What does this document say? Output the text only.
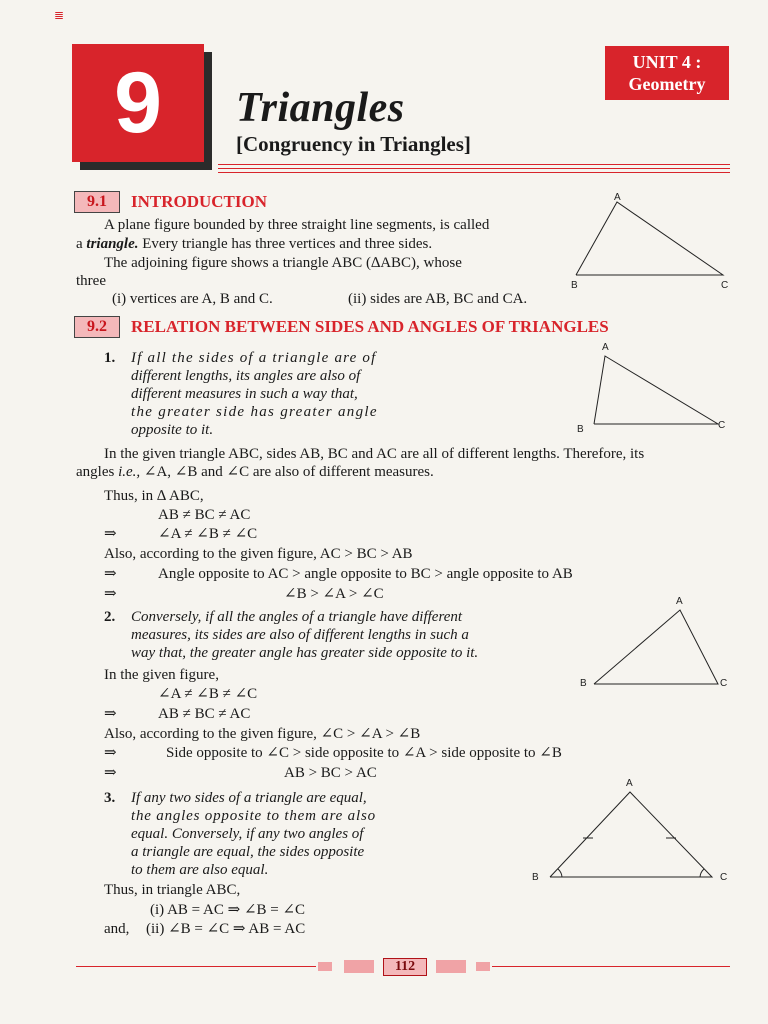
≣
9	Triangles
[Congruency in Triangles]
UNIT 4 :
Geometry
9.1	INTRODUCTION
A plane figure bounded by three straight line segments, is called
a triangle. Every triangle has three vertices and three sides.
The adjoining figure shows a triangle ABC (∆ABC), whose
three
(i) vertices are A, B and C.	(ii) sides are AB, BC and CA.
A
B	C
9.2	RELATION BETWEEN SIDES AND ANGLES OF TRIANGLES
1. If all the sides of a triangle are of
different lengths, its angles are also of
different measures in such a way that,
the greater side has greater angle
opposite to it.
A
B	C
In the given triangle ABC, sides AB, BC and AC are all of different lengths. Therefore, its
angles i.e., ∠A, ∠B and ∠C are also of different measures.
Thus, in ∆ ABC,
AB ≠ BC ≠ AC
⇒	∠A ≠ ∠B ≠ ∠C
Also, according to the given figure, AC > BC > AB
⇒	Angle opposite to AC > angle opposite to BC > angle opposite to AB
⇒	∠B > ∠A > ∠C
2. Conversely, if all the angles of a triangle have different
measures, its sides are also of different lengths in such a
way that, the greater angle has greater side opposite to it.
A
B	C
In the given figure,
∠A ≠ ∠B ≠ ∠C
⇒	AB ≠ BC ≠ AC
Also, according to the given figure, ∠C > ∠A > ∠B
⇒	Side opposite to ∠C > side opposite to ∠A > side opposite to ∠B
⇒	AB > BC > AC
3. If any two sides of a triangle are equal,
the angles opposite to them are also
equal. Conversely, if any two angles of
a triangle are equal, the sides opposite
to them are also equal.
A
B	C
Thus, in triangle ABC,
(i) AB = AC ⇒ ∠B = ∠C
and, (ii) ∠B = ∠C ⇒ AB = AC
112
